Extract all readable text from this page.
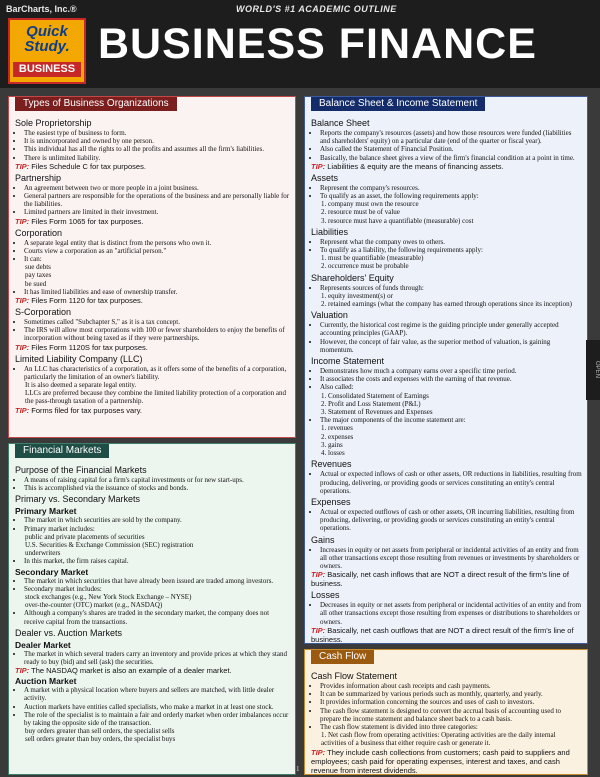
BarCharts, Inc.®
Quick
Study.
BUSINESS
WORLD'S #1 ACADEMIC OUTLINE
BUSINESS FINANCE
Types of Business Organizations
Sole Proprietorship
• The easiest type of business to form.
• It is unincorporated and owned by one person.
• This individual has all the rights to all the profits and assumes all the firm's liabilities.
• There is unlimited liability.
TIP: Files Schedule C for tax purposes.
Partnership
• An agreement between two or more people in a joint business.
• General partners are responsible for the operations of the business and are personally liable for the liabilities.
• Limited partners are limited in their investment.
TIP: Files Form 1065 for tax purposes.
Corporation
• A separate legal entity that is distinct from the persons who own it.
• Courts view a corporation as an "artificial person."
• It can:
sue debts
pay taxes
be sued
• It has limited liabilities and ease of ownership transfer.
TIP: Files Form 1120 for tax purposes.
S-Corporation
• Sometimes called "Subchapter S," as it is a tax concept.
• The IRS will allow most corporations with 100 or fewer shareholders to enjoy the benefits of incorporation without being taxed as if they were partnerships.
TIP: Files Form 1120S for tax purposes.
Limited Liability Company (LLC)
• An LLC has characteristics of a corporation, as it offers some of the benefits of a corporation, particularly the limitation of an owner's liability.
It is also deemed a separate legal entity.
LLCs are preferred because they combine the limited liability protection of a corporation and the pass-through taxation of a partnership.
TIP: Forms filed for tax purposes vary.
Financial Markets
Purpose of the Financial Markets
• A means of raising capital for a firm's capital investments or for new start-ups.
• This is accomplished via the issuance of stocks and bonds.
Primary vs. Secondary Markets
Primary Market
• The market in which securities are sold by the company.
• Primary market includes:
public and private placements of securities
U.S. Securities & Exchange Commission (SEC) registration
underwriters
• In this market, the firm raises capital.
Secondary Market
• The market in which securities that have already been issued are traded among investors.
• Secondary market includes:
stock exchanges (e.g., New York Stock Exchange – NYSE)
over-the-counter (OTC) market (e.g., NASDAQ)
• Although a company's shares are traded in the secondary market, the company does not receive capital from the transactions.
Dealer vs. Auction Markets
Dealer Market
• The market in which several traders carry an inventory and provide prices at which they stand ready to buy (bid) and sell (ask) the securities.
TIP: The NASDAQ market is also an example of a dealer market.
Auction Market
• A market with a physical location where buyers and sellers are matched, with little dealer activity.
• Auction markets have entities called specialists, who make a market in at least one stock.
• The role of the specialist is to maintain a fair and orderly market when order imbalances occur by taking the opposite side of the transaction.
buy orders greater than sell orders, the specialist sells
sell orders greater than buy orders, the specialist buys
Balance Sheet & Income Statement
Balance Sheet
• Reports the company's resources (assets) and how those resources were funded (liabilities and shareholders' equity) on a particular date (end of the quarter or fiscal year).
• Also called the Statement of Financial Position.
• Basically, the balance sheet gives a view of the firm's financial condition at a point in time.
TIP: Liabilities & equity are the means of financing assets.
Assets
• Represent the company's resources.
• To qualify as an asset, the following requirements apply:
1. company must own the resource
2. resource must be of value
3. resource must have a quantifiable (measurable) cost
Liabilities
• Represent what the company owes to others.
• To qualify as a liability, the following requirements apply:
1. must be quantifiable (measurable)
2. occurrence must be probable
Shareholders' Equity
• Represents sources of funds through:
1. equity investment(s) or
2. retained earnings (what the company has earned through operations since its inception)
Valuation
• Currently, the historical cost regime is the guiding principle under generally accepted accounting principles (GAAP).
• However, the concept of fair value, as the superior method of valuation, is gaining momentum.
Income Statement
• Demonstrates how much a company earns over a specific time period.
• It associates the costs and expenses with the earning of that revenue.
• Also called:
1. Consolidated Statement of Earnings
2. Profit and Loss Statement (P&L)
3. Statement of Revenues and Expenses
• The major components of the income statement are:
1. revenues
2. expenses
3. gains
4. losses
Revenues
• Actual or expected inflows of cash or other assets, OR reductions in liabilities, resulting from producing, delivering, or providing goods or services constituting an entity's central operations.
Expenses
• Actual or expected outflows of cash or other assets, OR incurring liabilities, resulting from producing, delivering, or providing goods or services constituting an entity's central operations.
Gains
• Increases in equity or net assets from peripheral or incidental activities of an entity and from all other transactions except those resulting from revenues or investments by shareholders or owners.
TIP: Basically, net cash inflows that are NOT a direct result of the firm's line of business.
Losses
• Decreases in equity or net assets from peripheral or incidental activities of an entity and from all other transactions except those resulting from expenses or distributions to shareholders or owners.
TIP: Basically, net cash outflows that are NOT a direct result of the firm's line of business.
Cash Flow
Cash Flow Statement
• Provides information about cash receipts and cash payments.
• It can be summarized by various periods such as monthly, quarterly, and yearly.
• It provides information concerning the sources and uses of cash to investors.
• The cash flow statement is designed to convert the accrual basis of accounting used to prepare the income statement and balance sheet back to a cash basis.
• The cash flow statement is divided into three categories:
1. Net cash flow from operating activities: Operating activities are the daily internal activities of a business that either require cash or generate it.
TIP: They include cash collections from customers; cash paid to suppliers and employees; cash paid for operating expenses, interest and taxes, and cash revenue from interest dividends.
OPEN
1
